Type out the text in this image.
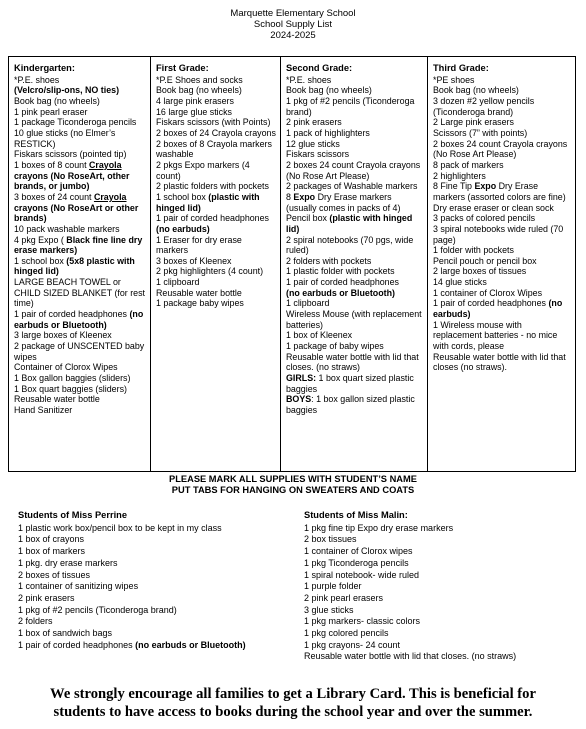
Marquette Elementary School
School Supply List
2024-2025
Kindergarten:
*P.E. shoes
(Velcro/slip-ons, NO ties)
Book bag (no wheels)
1 pink pearl eraser
1 package Ticonderoga pencils
10 glue sticks (no Elmer’s RESTICK)
Fiskars scissors (pointed tip)
1 boxes of 8 count Crayola crayons (No RoseArt, other brands, or jumbo)
3 boxes of 24 count Crayola crayons (No RoseArt or other brands)
10 pack washable markers
4 pkg Expo ( Black fine line dry erase markers)
1 school box (5x8 plastic with hinged lid)
LARGE BEACH TOWEL or CHILD SIZED BLANKET (for rest time)
1 pair of corded headphones (no earbuds or Bluetooth)
3 large boxes of Kleenex
2 package of UNSCENTED baby wipes
Container of Clorox Wipes
1 Box gallon baggies (sliders)
1 Box quart baggies (sliders)
Reusable water bottle
Hand Sanitizer
First Grade:
*P.E Shoes and socks
Book bag (no wheels)
4 large pink erasers
16 large glue sticks
Fiskars scissors (with Points)
2 boxes of 24 Crayola crayons
2 boxes of 8 Crayola markers washable
2 pkgs Expo markers (4 count)
2 plastic folders with pockets
1 school box (plastic with hinged lid)
1 pair of corded headphones (no earbuds)
1 Eraser for dry erase markers
3 boxes of Kleenex
2 pkg highlighters (4 count)
1 clipboard
Reusable water bottle
1 package baby wipes
Second Grade:
*P.E. shoes
Book bag (no wheels)
1 pkg of #2 pencils (Ticonderoga brand)
2 pink erasers
1 pack of highlighters
12 glue sticks
Fiskars scissors
2 boxes 24 count Crayola crayons (No Rose Art Please)
2 packages of Washable markers
8 Expo Dry Erase markers (usually comes in packs of 4)
Pencil box (plastic with hinged lid)
2 spiral notebooks (70 pgs, wide ruled)
2 folders with pockets
1 plastic folder with pockets
1 pair of corded headphones
(no earbuds or Bluetooth)
1 clipboard
Wireless Mouse (with replacement batteries)
1 box of Kleenex
1 package of baby wipes
Reusable water bottle with lid that closes. (no straws)
GIRLS: 1 box quart sized plastic baggies
BOYS: 1 box gallon sized plastic baggies
Third Grade:
*PE shoes
Book bag (no wheels)
3 dozen #2 yellow pencils (Ticonderoga brand)
2 Large pink erasers
Scissors (7” with points)
2 boxes 24 count Crayola crayons (No Rose Art Please)
8 pack of markers
2 highlighters
8 Fine Tip Expo Dry Erase markers (assorted colors are fine)
Dry erase eraser or clean sock
3 packs of colored pencils
3 spiral notebooks wide ruled (70 page)
1 folder with pockets
Pencil pouch or pencil box
2 large boxes of tissues
14 glue sticks
1 container of Clorox Wipes
1 pair of corded headphones (no earbuds)
1 Wireless mouse with replacement batteries - no mice with cords, please
Reusable water bottle with lid that closes (no straws).
PLEASE MARK ALL SUPPLIES WITH STUDENT’S NAME
PUT TABS FOR HANGING ON SWEATERS AND COATS
Students of Miss Perrine
1 plastic work box/pencil box to be kept in my class
1 box of crayons
1 box of markers
1 pkg. dry erase markers
2 boxes of tissues
1 container of sanitizing wipes
2 pink erasers
1 pkg of #2 pencils (Ticonderoga brand)
2 folders
1 box of sandwich bags
1 pair of corded headphones (no earbuds or Bluetooth)
Students of Miss Malin:
1 pkg fine tip Expo dry erase markers
2 box tissues
1 container of Clorox wipes
1 pkg Ticonderoga pencils
1 spiral notebook- wide ruled
1 purple folder
2 pink pearl erasers
3 glue sticks
1 pkg markers- classic colors
1 pkg colored pencils
1 pkg crayons- 24 count
Reusable water bottle with lid that closes. (no straws)
We strongly encourage all families to get a Library Card. This is beneficial for
students to have access to books during the school year and over the summer.
